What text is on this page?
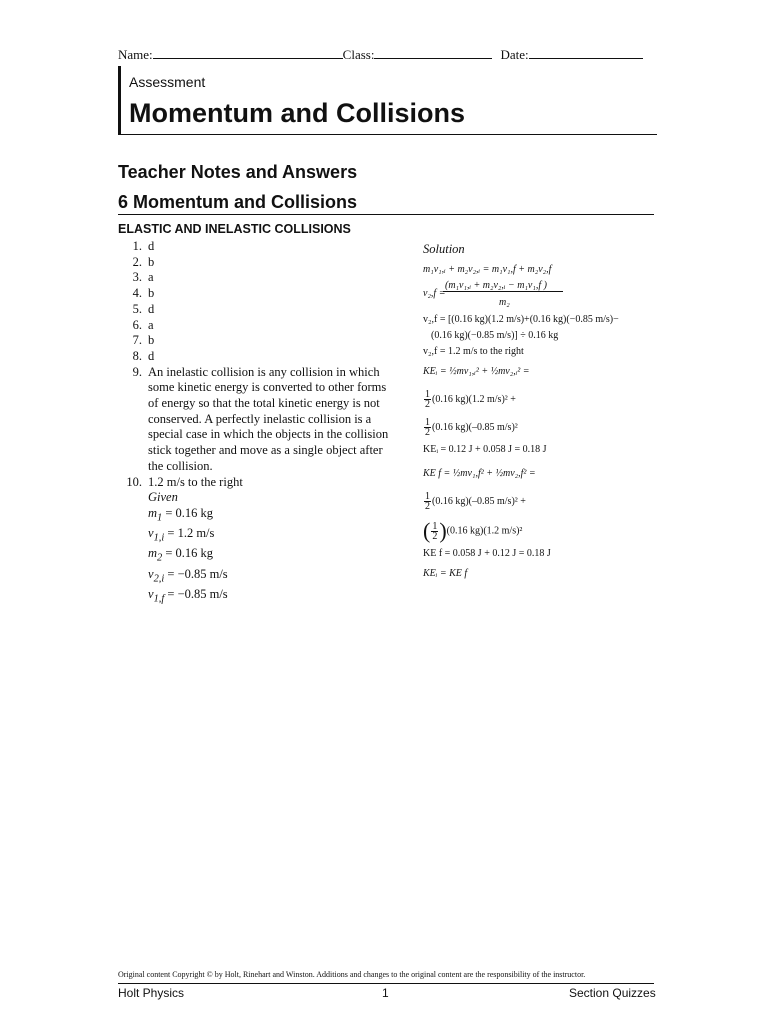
Name:	Class:	Date:
Assessment
Momentum and Collisions
Teacher Notes and Answers
6 Momentum and Collisions
ELASTIC AND INELASTIC COLLISIONS
1. d
2. b
3. a
4. b
5. d
6. a
7. b
8. d
9. An inelastic collision is any collision in which some kinetic energy is converted to other forms of energy so that the total kinetic energy is not conserved. A perfectly inelastic collision is a special case in which the objects in the collision stick together and move as a single object after the collision.
10. 1.2 m/s to the right
Given
$m_1 = 0.16$ kg
$v_{1,i} = 1.2$ m/s
$m_2 = 0.16$ kg
$v_{2,i} = -0.85$ m/s
$v_{1,f} = -0.85$ m/s
Solution
m₁v₁,ᵢ + m₂v₂,ᵢ = m₁v₁,f + m₂v₂,f
(m₁v₁,ᵢ + m₂v₂,ᵢ − m₁v₁,f )
v₂,f =
m₂
v₂,f = [(0.16 kg)(1.2 m/s)+(0.16 kg)(−0.85 m/s)−
(0.16 kg)(−0.85 m/s)] ÷ 0.16 kg
v₂,f = 1.2 m/s to the right
KEᵢ = ½mv₁,ᵢ² + ½mv₂,ᵢ² =
$\frac{1}{2} (0.16$ kg)(1.2 m/s)² +
$\frac{1}{2} (0.16$ kg)(–0.85 m/s)²
KEᵢ = 0.12 J + 0.058 J = 0.18 J
KE f = ½mv₁,f² + ½mv₂,f² =
$\frac{1}{2} (0.16$ kg)(–0.85 m/s)² +
( $\frac{1}{2} )(0.16$ kg)(1.2 m/s)²
KE f = 0.058 J + 0.12 J = 0.18 J
KEᵢ = KE f
Original content Copyright © by Holt, Rinehart and Winston. Additions and changes to the original content are the responsibility of the instructor.
Holt Physics	1	Section Quizzes
